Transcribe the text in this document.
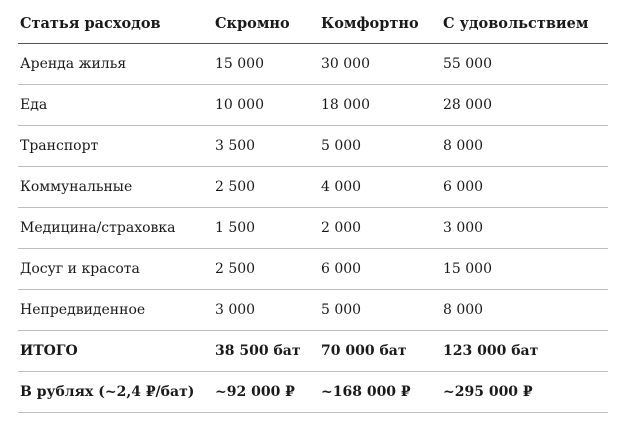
Статья расходов	Скромно	Комфортно	С удовольствием
Аренда жилья	15 000	30 000	55 000
Еда	10 000	18 000	28 000
Транспорт	3 500	5 000	8 000
Коммунальные	2 500	4 000	6 000
Медицина/страховка	1 500	2 000	3 000
Досуг и красота	2 500	6 000	15 000
Непредвиденное	3 000	5 000	8 000
ИТОГО	38 500 бат	70 000 бат	123 000 бат
В рублях (~2,4 ₽/бат)	~92 000 ₽	~168 000 ₽	~295 000 ₽
